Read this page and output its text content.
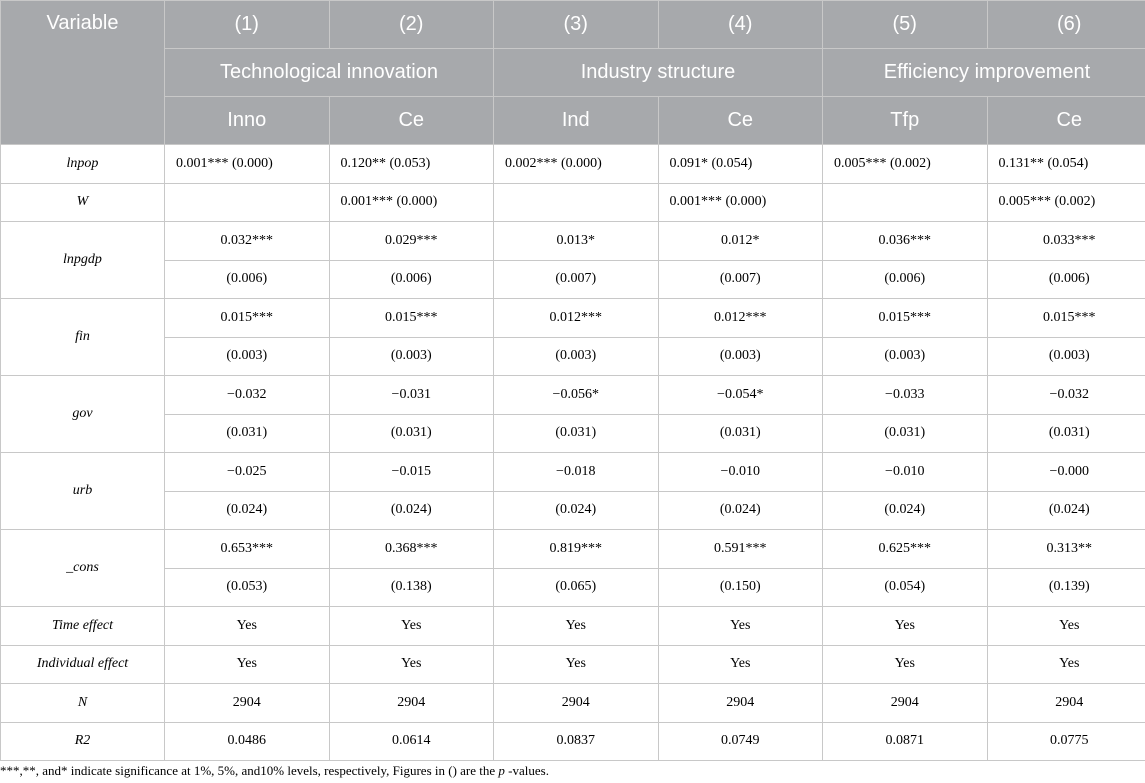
Variable	(1)	(2)	(3)	(4)	(5)	(6)
	Technological innovation		Industry structure		Efficiency improvement	
	Inno	Ce	Ind	Ce	Tfp	Ce
lnpop	0.001*** (0.000)	0.120** (0.053)	0.002*** (0.000)	0.091* (0.054)	0.005*** (0.002)	0.131** (0.054)
W		0.001*** (0.000)		0.001*** (0.000)		0.005*** (0.002)
lnpgdp	0.032***	0.029***	0.013*	0.012*	0.036***	0.033***
	(0.006)	(0.006)	(0.007)	(0.007)	(0.006)	(0.006)
fin	0.015***	0.015***	0.012***	0.012***	0.015***	0.015***
	(0.003)	(0.003)	(0.003)	(0.003)	(0.003)	(0.003)
gov	−0.032	−0.031	−0.056*	−0.054*	−0.033	−0.032
	(0.031)	(0.031)	(0.031)	(0.031)	(0.031)	(0.031)
urb	−0.025	−0.015	−0.018	−0.010	−0.010	−0.000
	(0.024)	(0.024)	(0.024)	(0.024)	(0.024)	(0.024)
_cons	0.653***	0.368***	0.819***	0.591***	0.625***	0.313**
	(0.053)	(0.138)	(0.065)	(0.150)	(0.054)	(0.139)
Time effect	Yes	Yes	Yes	Yes	Yes	Yes
Individual effect	Yes	Yes	Yes	Yes	Yes	Yes
N	2904	2904	2904	2904	2904	2904
R2	0.0486	0.0614	0.0837	0.0749	0.0871	0.0775
***,**, and* indicate significance at 1%, 5%, and10% levels, respectively, Figures in () are the p -values.
